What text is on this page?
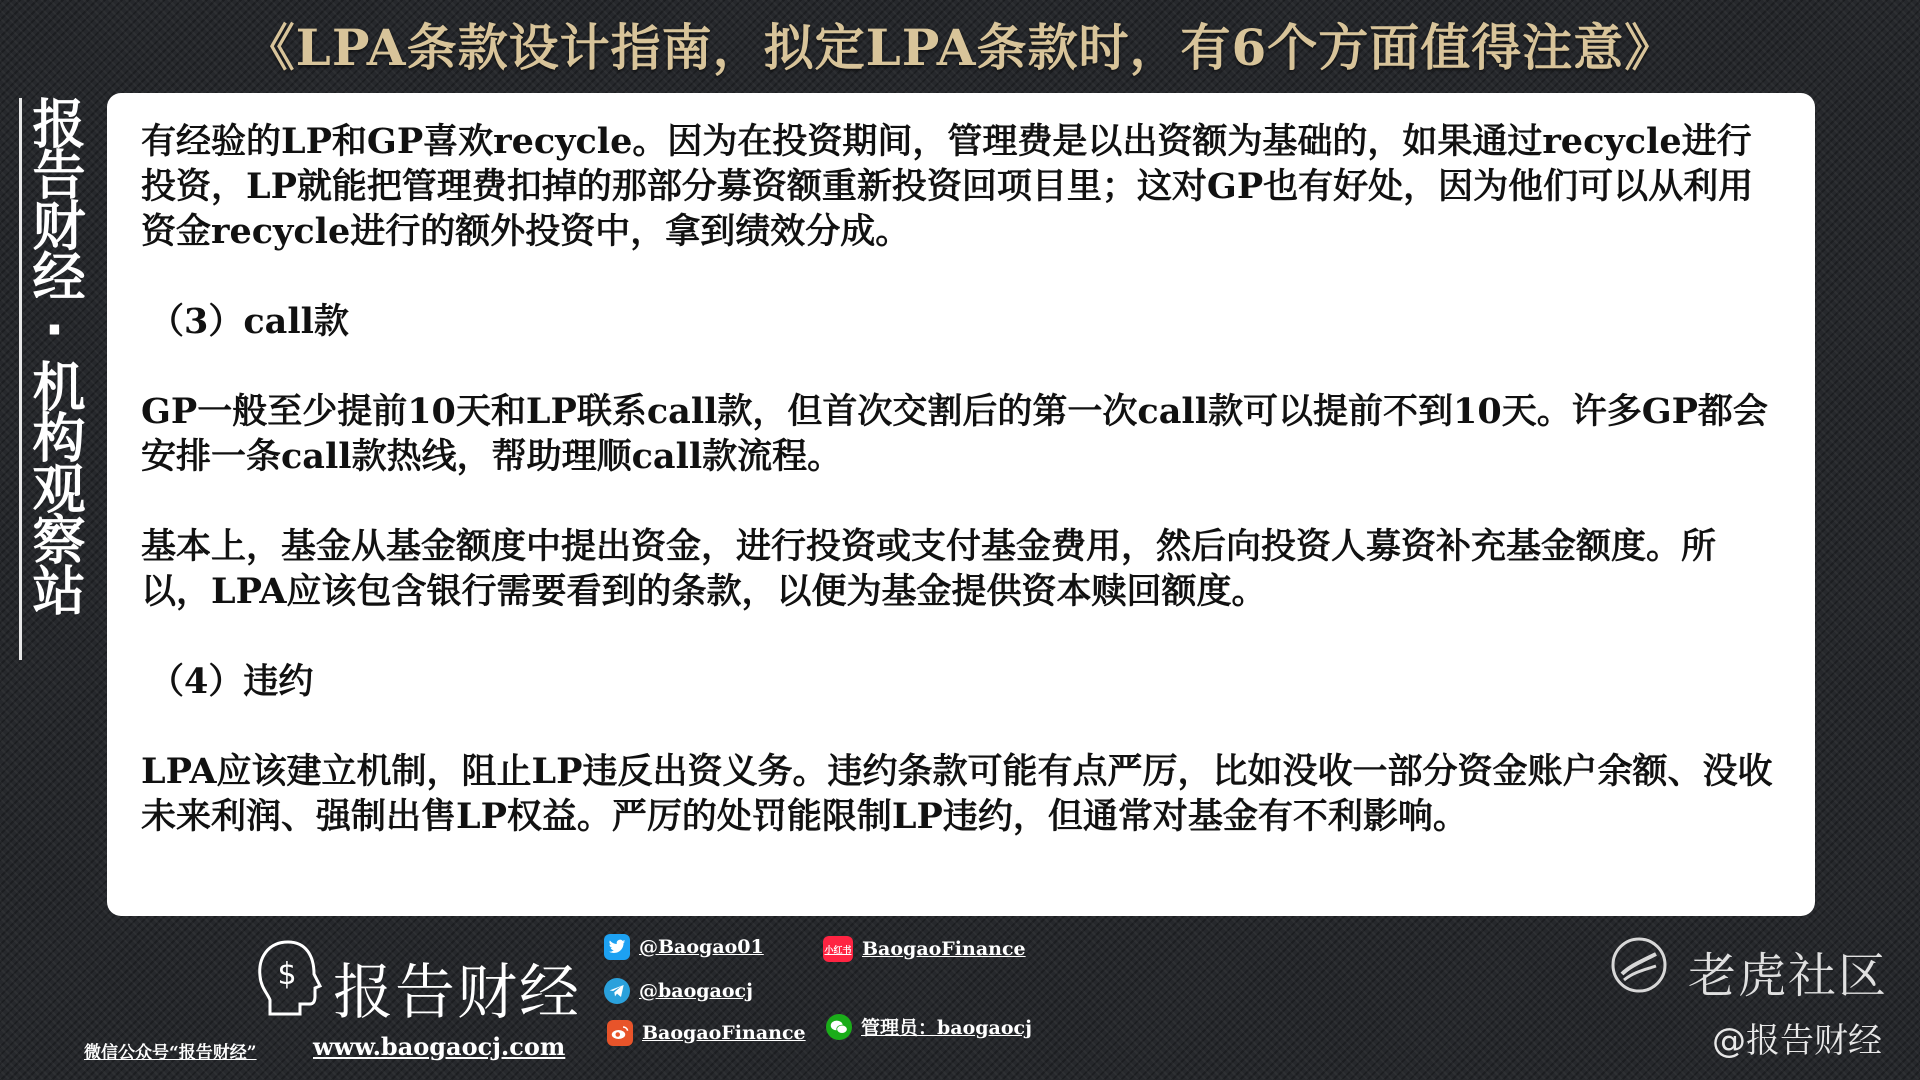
《LPA条款设计指南，拟定LPA条款时，有6个方面值得注意》
报告财经·机构观察站 有经验的LP和GP喜欢recycle。因为在投资期间，管理费是以出资额为基础的，如果通过recycle进行投资，LP就能把管理费扣掉的那部分募资额重新投资回项目里；这对GP也有好处，因为他们可以从利用资金recycle进行的额外投资中，拿到绩效分成。

（3）call款

GP一般至少提前10天和LP联系call款，但首次交割后的第一次call款可以提前不到10天。许多GP都会安排一条call款热线，帮助理顺call款流程。

基本上，基金从基金额度中提出资金，进行投资或支付基金费用，然后向投资人募资补充基金额度。所以，LPA应该包含银行需要看到的条款，以便为基金提供资本赎回额度。

（4）违约

LPA应该建立机制，阻止LP违反出资义务。违约条款可能有点严厉，比如没收一部分资金账户余额、没收未来利润、强制出售LP权益。严厉的处罚能限制LP违约，但通常对基金有不利影响。

$ 报告财经
微信公众号“报告财经” www.baogaocj.com
@Baogao01
@baogaocj
BaogaoFinance
小红书 BaogaoFinance
管理员：baogaocj
老虎社区
@报告财经
